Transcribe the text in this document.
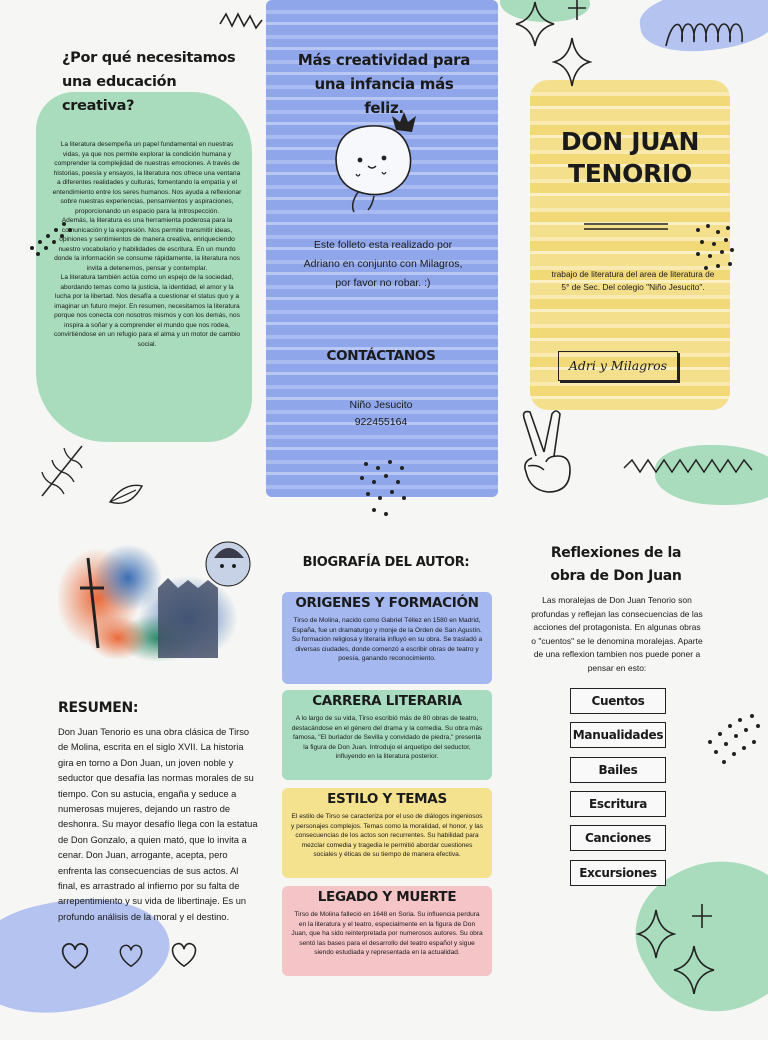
¿Por qué necesitamos una educación creativa?
La literatura desempeña un papel fundamental en nuestras vidas, ya que nos permite explorar la condición humana y comprender la complejidad de nuestras emociones. A través de historias, poesía y ensayos, la literatura nos ofrece una ventana a diferentes realidades y culturas, fomentando la empatía y el entendimiento entre los seres humanos. Nos ayuda a reflexionar sobre nuestras experiencias, pensamientos y aspiraciones, proporcionando un espacio para la introspección.
Además, la literatura es una herramienta poderosa para la comunicación y la expresión. Nos permite transmitir ideas, opiniones y sentimientos de manera creativa, enriqueciendo nuestro vocabulario y habilidades de escritura. En un mundo donde la información se consume rápidamente, la literatura nos invita a detenernos, pensar y contemplar.
La literatura también actúa como un espejo de la sociedad, abordando temas como la justicia, la identidad, el amor y la lucha por la libertad. Nos desafía a cuestionar el status quo y a imaginar un futuro mejor. En resumen, necesitamos la literatura porque nos conecta con nosotros mismos y con los demás, nos inspira a soñar y a comprender el mundo que nos rodea, convirtiéndose en un refugio para el alma y un motor de cambio social.
Más creatividad para una infancia más feliz.
Este folleto esta realizado por Adriano en conjunto con Milagros, por favor no robar. :)
CONTÁCTANOS
Niño Jesucito
922455164
DON JUAN TENORIO
trabajo de literatura del area de literatura de 5° de Sec. Del colegio "Niño Jesucito".
Adri y Milagros
RESUMEN:
Don Juan Tenorio es una obra clásica de Tirso de Molina, escrita en el siglo XVII. La historia gira en torno a Don Juan, un joven noble y seductor que desafía las normas morales de su tiempo. Con su astucia, engaña y seduce a numerosas mujeres, dejando un rastro de deshonra. Su mayor desafío llega con la estatua de Don Gonzalo, a quien mató, que lo invita a cenar. Don Juan, arrogante, acepta, pero enfrenta las consecuencias de sus actos. Al final, es arrastrado al infierno por su falta de arrepentimiento y su vida de libertinaje. Es un profundo análisis de la moral y el destino.
BIOGRAFÍA DEL AUTOR:
ORIGENES Y FORMACIÓN
Tirso de Molina, nacido como Gabriel Téllez en 1580 en Madrid, España, fue un dramaturgo y monje de la Orden de San Agustín. Su formación religiosa y literaria influyó en su obra. Se trasladó a diversas ciudades, donde comenzó a escribir obras de teatro y poesía, ganando reconocimiento.
CARRERA LITERARIA
A lo largo de su vida, Tirso escribió más de 80 obras de teatro, destacándose en el género del drama y la comedia. Su obra más famosa, "El burlador de Sevilla y convidado de piedra," presenta la figura de Don Juan. Introdujo el arquetipo del seductor, influyendo en la literatura posterior.
ESTILO Y TEMAS
El estilo de Tirso se caracteriza por el uso de diálogos ingeniosos y personajes complejos. Temas como la moralidad, el honor, y las consecuencias de los actos son recurrentes. Su habilidad para mezclar comedia y tragedia le permitió abordar cuestiones sociales y éticas de su tiempo de manera efectiva.
LEGADO Y MUERTE
Tirso de Molina falleció en 1648 en Soria. Su influencia perdura en la literatura y el teatro, especialmente en la figura de Don Juan, que ha sido reinterpretada por numerosos autores. Su obra sentó las bases para el desarrollo del teatro español y sigue siendo estudiada y representada en la actualidad.
Reflexiones de la obra de Don Juan
Las moralejas de Don Juan Tenorio son profundas y reflejan las consecuencias de las acciones del protagonista. En algunas obras o "cuentos" se le denomina moralejas. Aparte de una reflexion tambien nos puede poner a pensar en esto:
Cuentos
Manualidades
Bailes
Escritura
Canciones
Excursiones
